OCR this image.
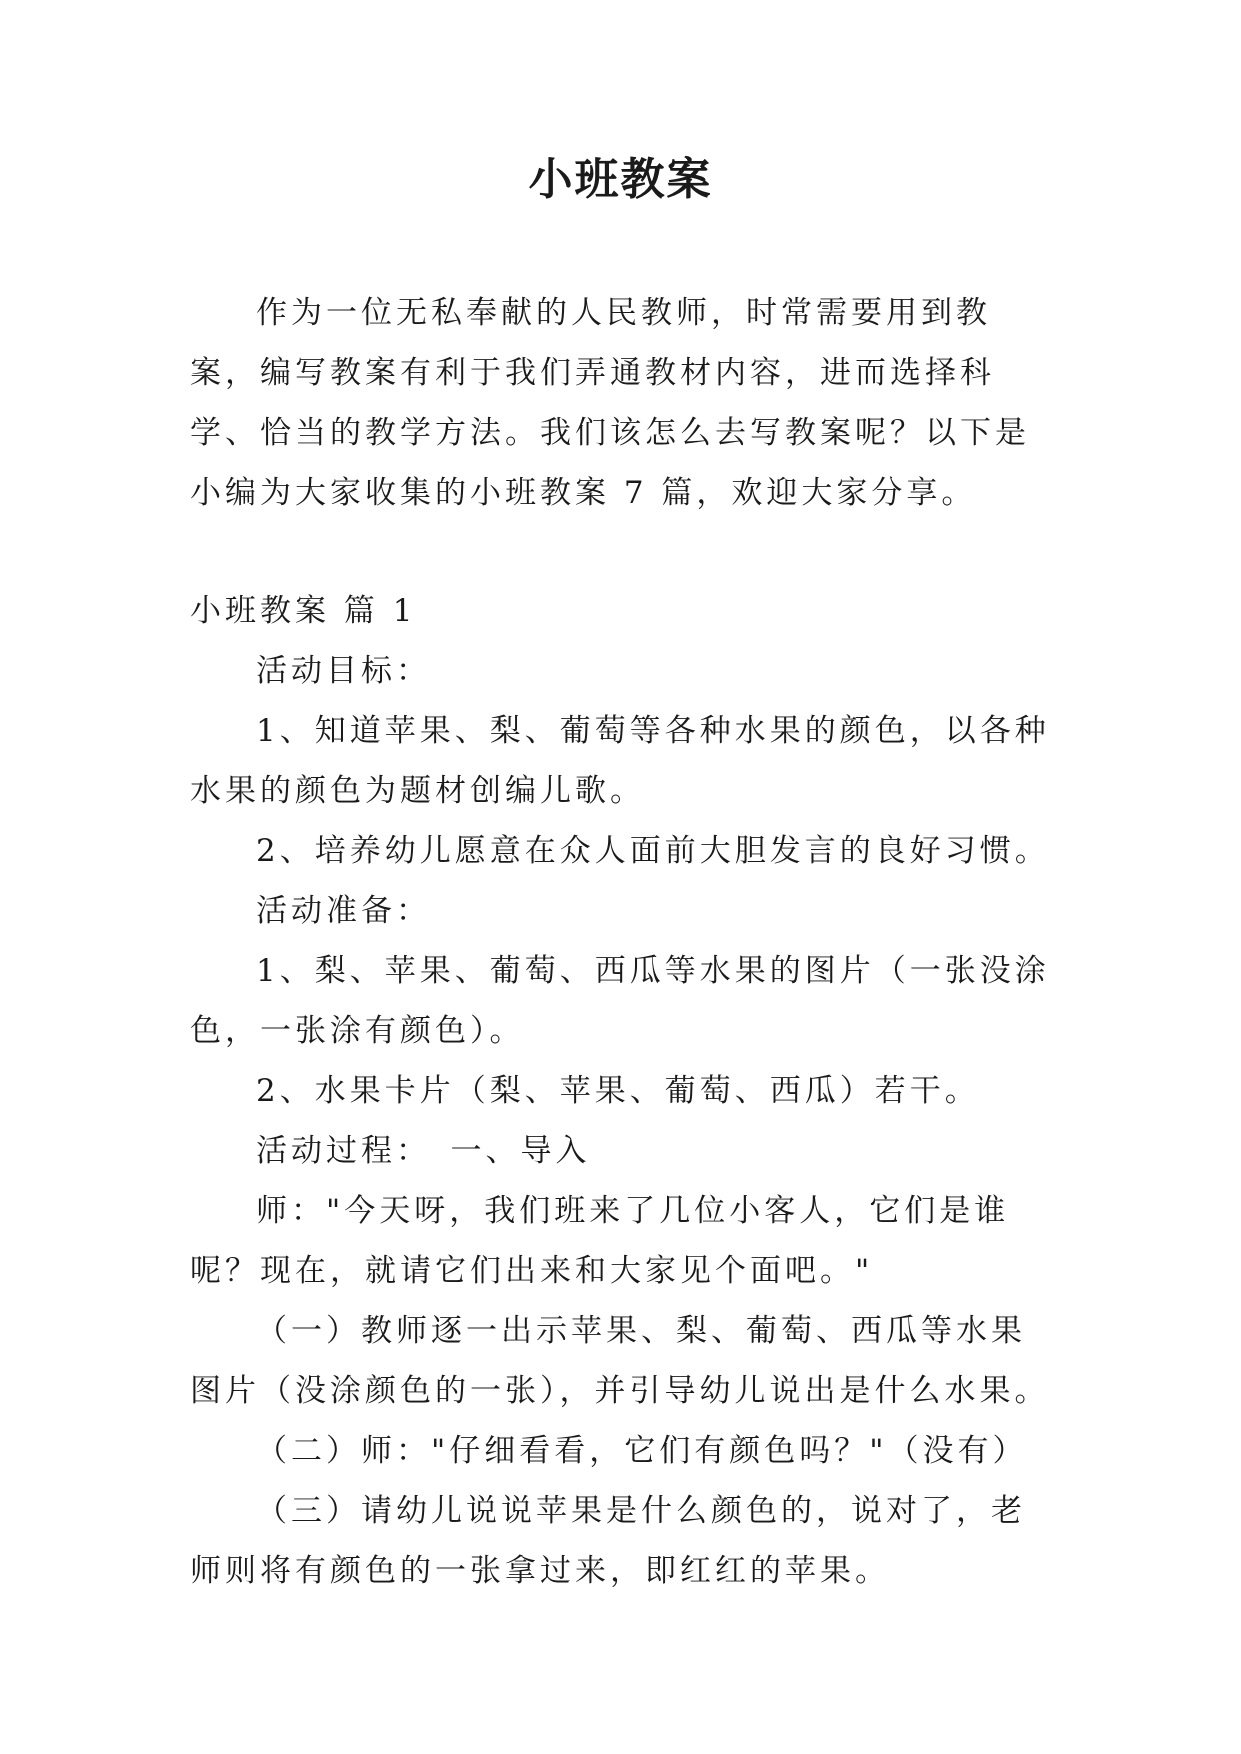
小班教案

作为一位无私奉献的人民教师，时常需要用到教案，编写教案有利于我们弄通教材内容，进而选择科学、恰当的教学方法。我们该怎么去写教案呢？以下是小编为大家收集的小班教案 7 篇，欢迎大家分享。

小班教案 篇 1

活动目标：

1、知道苹果、梨、葡萄等各种水果的颜色，以各种水果的颜色为题材创编儿歌。

2、培养幼儿愿意在众人面前大胆发言的良好习惯。

活动准备：

1、梨、苹果、葡萄、西瓜等水果的图片（一张没涂色，一张涂有颜色）。

2、水果卡片（梨、苹果、葡萄、西瓜）若干。

活动过程：　一、导入

师："今天呀，我们班来了几位小客人，它们是谁呢？现在，就请它们出来和大家见个面吧。"

（一）教师逐一出示苹果、梨、葡萄、西瓜等水果图片（没涂颜色的一张），并引导幼儿说出是什么水果。

（二）师："仔细看看，它们有颜色吗？"（没有）

（三）请幼儿说说苹果是什么颜色的，说对了，老师则将有颜色的一张拿过来，即红红的苹果。
